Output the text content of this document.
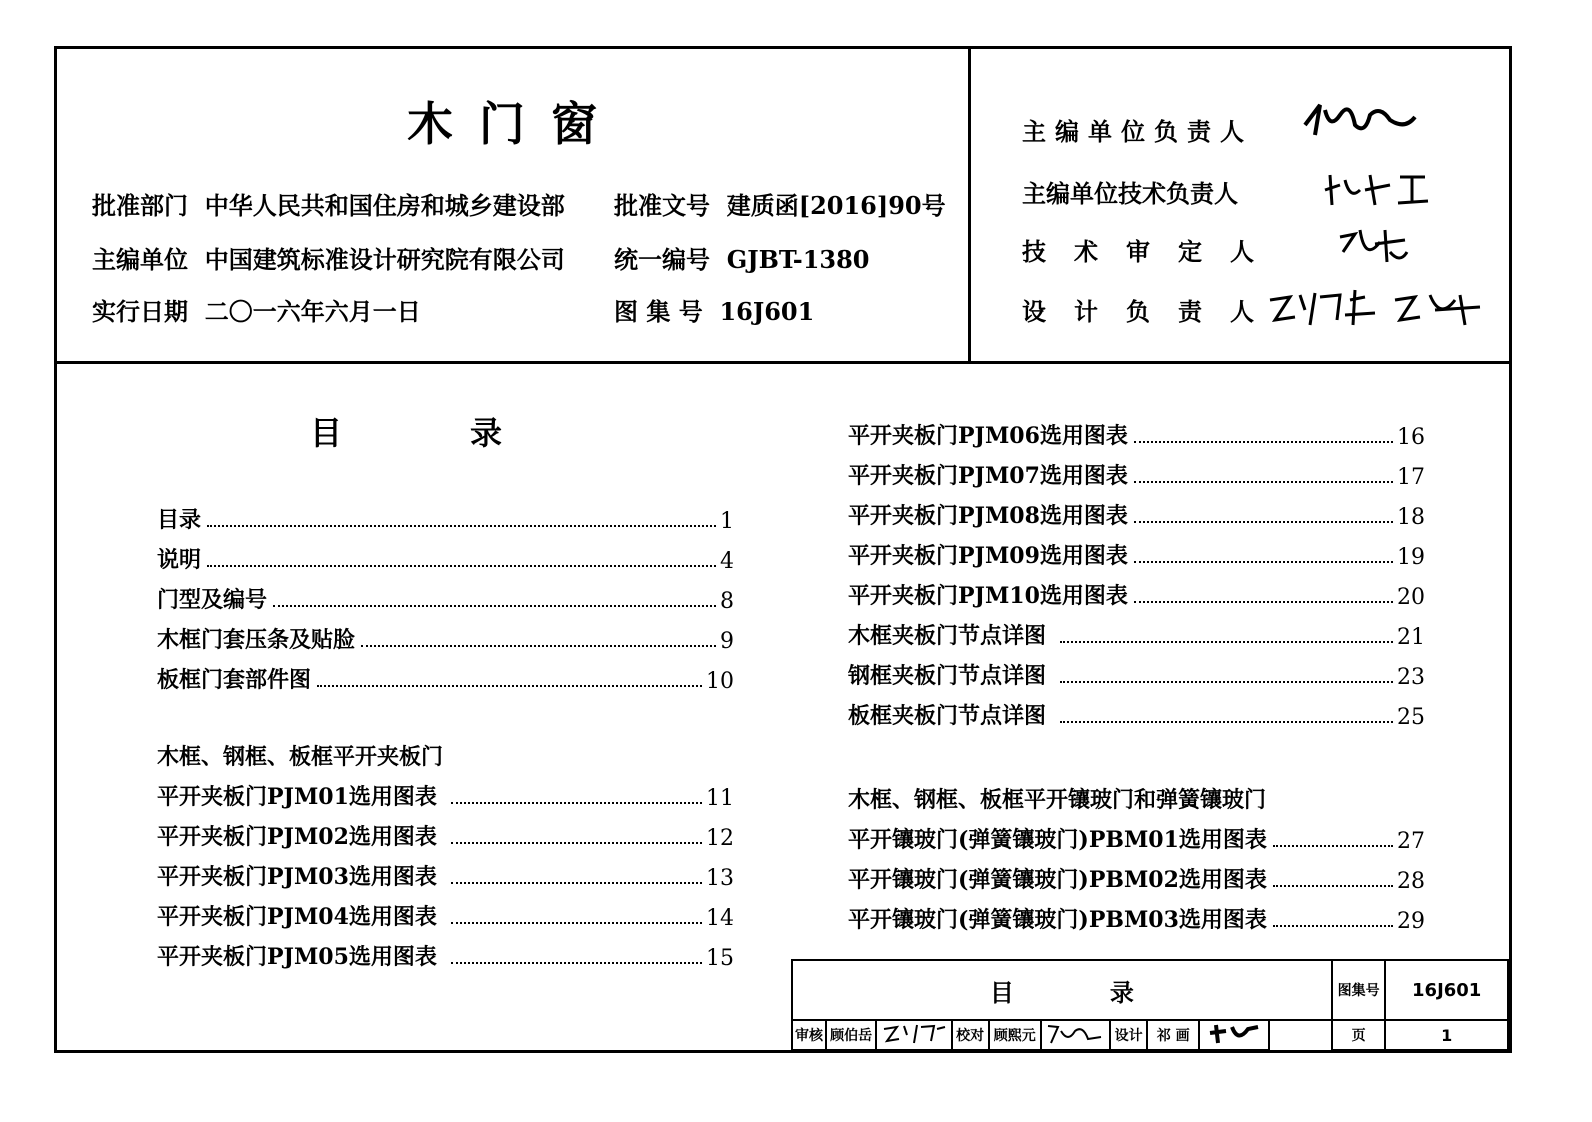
木门窗
批准部门 中华人民共和国住房和城乡建设部
主编单位 中国建筑标准设计研究院有限公司
实行日期 二〇一六年六月一日
批准文号 建质函[2016]90号
统一编号 GJBT-1380
图 集 号 16J601
主编单位负责人
主编单位技术负责人
技术审定人
设计负责人
目　　　　录
目录	1
说明	4
门型及编号	8
木框门套压条及贴脸	9
板框门套部件图	10
木框、钢框、板框平开夹板门
平开夹板门PJM01选用图表	11
平开夹板门PJM02选用图表	12
平开夹板门PJM03选用图表	13
平开夹板门PJM04选用图表	14
平开夹板门PJM05选用图表	15
平开夹板门PJM06选用图表	16
平开夹板门PJM07选用图表	17
平开夹板门PJM08选用图表	18
平开夹板门PJM09选用图表	19
平开夹板门PJM10选用图表	20
木框夹板门节点详图	21
钢框夹板门节点详图	23
板框夹板门节点详图	25
木框、钢框、板框平开镶玻门和弹簧镶玻门
平开镶玻门(弹簧镶玻门)PBM01选用图表	27
平开镶玻门(弹簧镶玻门)PBM02选用图表	28
平开镶玻门(弹簧镶玻门)PBM03选用图表	29
目　　　　录										图集号	16J601
审核	顾伯岳		校对	顾熙元		设计	祁 画			页	1
